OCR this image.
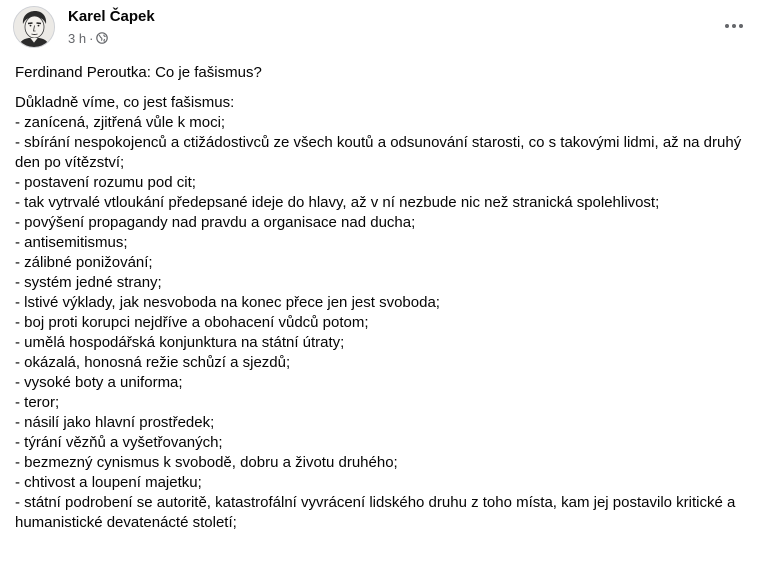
Karel Čapek
3 h ·

Ferdinand Peroutka: Co je fašismus?

Důkladně víme, co jest fašismus:

- zanícená, zjitřená vůle k moci;

- sbírání nespokojenců a ctižádostivců ze všech koutů a odsunování starosti, co s takovými lidmi, až na druhý den po vítězství;

- postavení rozumu pod cit;

- tak vytrvalé vtloukání předepsané ideje do hlavy, až v ní nezbude nic než stranická spolehlivost;

- povýšení propagandy nad pravdu a organisace nad ducha;

- antisemitismus;

- zálibné ponižování;

- systém jedné strany;

- lstivé výklady, jak nesvoboda na konec přece jen jest svoboda;

- boj proti korupci nejdříve a obohacení vůdců potom;

- umělá hospodářská konjunktura na státní útraty;

- okázalá, honosná režie schůzí a sjezdů;

- vysoké boty a uniforma;

- teror;

- násilí jako hlavní prostředek;

- týrání vězňů a vyšetřovaných;

- bezmezný cynismus k svobodě, dobru a životu druhého;

- chtivost a loupení majetku;

- státní podrobení se autoritě, katastrofální vyvrácení lidského druhu z toho místa, kam jej postavilo kritické a humanistické devatenácté století;
